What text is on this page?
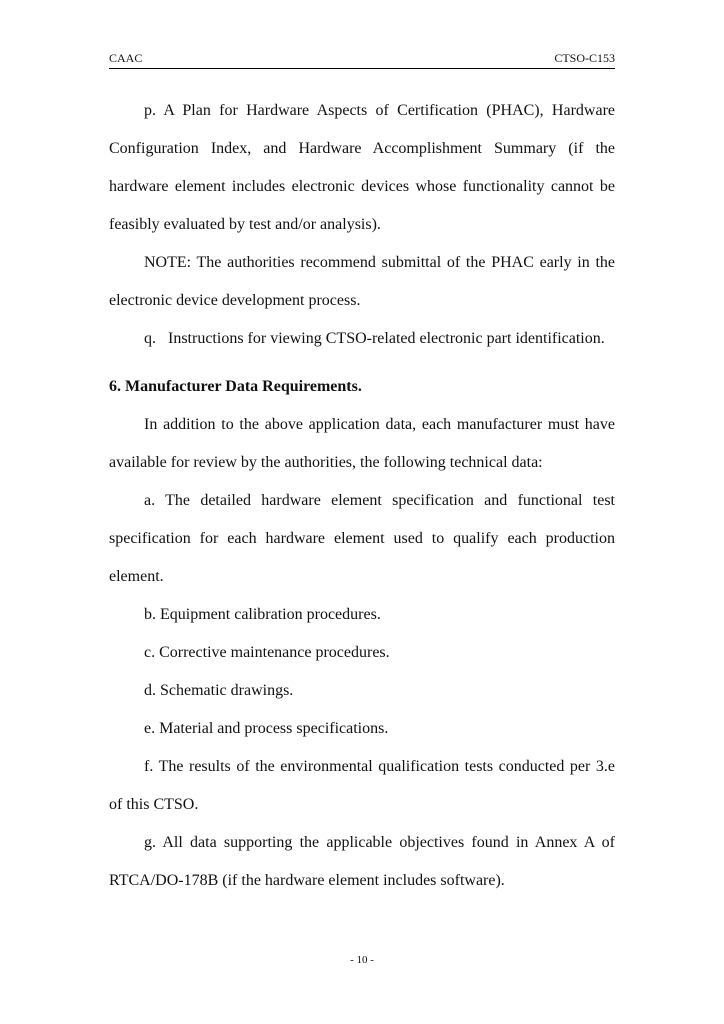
CAAC	CTSO-C153

p. A Plan for Hardware Aspects of Certification (PHAC), Hardware Configuration Index, and Hardware Accomplishment Summary (if the hardware element includes electronic devices whose functionality cannot be feasibly evaluated by test and/or analysis).

NOTE: The authorities recommend submittal of the PHAC early in the electronic device development process.

q.   Instructions for viewing CTSO-related electronic part identification.

6. Manufacturer Data Requirements.

In addition to the above application data, each manufacturer must have available for review by the authorities, the following technical data:

a. The detailed hardware element specification and functional test specification for each hardware element used to qualify each production element.

b. Equipment calibration procedures.

c. Corrective maintenance procedures.

d. Schematic drawings.

e. Material and process specifications.

f. The results of the environmental qualification tests conducted per 3.e of this CTSO.

g. All data supporting the applicable objectives found in Annex A of RTCA/DO-178B (if the hardware element includes software).

- 10 -
